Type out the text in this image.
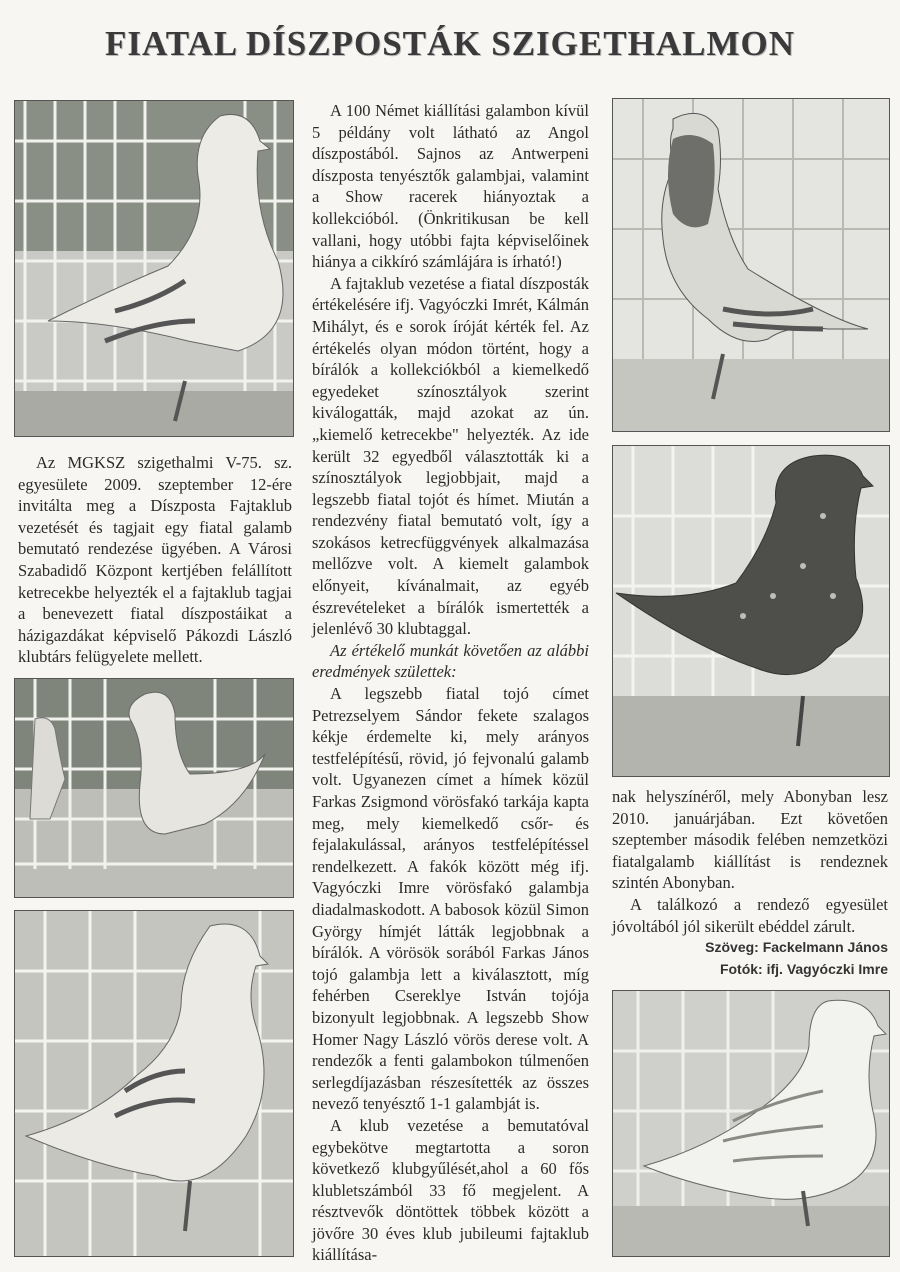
FIATAL DÍSZPOSTÁK SZIGETHALMON

Az MGKSZ szigethalmi V-75. sz. egyesülete 2009. szeptember 12-ére invitálta meg a Díszposta Fajtaklub vezetését és tagjait egy fiatal galamb bemutató rendezése ügyében. A Városi Szabadidő Központ kertjében felállított ketrecekbe helyezték el a fajtaklub tagjai a benevezett fiatal díszpostáikat a házigazdákat képviselő Pákozdi László klubtárs felügyelete mellett.

A 100 Német kiállítási galambon kívül 5 példány volt látható az Angol díszpostából. Sajnos az Antwerpeni díszposta tenyésztők galambjai, valamint a Show racerek hiányoztak a kollekcióból. (Önkritikusan be kell vallani, hogy utóbbi fajta képviselőinek hiánya a cikkíró számlájára is írható!)

A fajtaklub vezetése a fiatal díszposták értékelésére ifj. Vagyóczki Imrét, Kálmán Mihályt, és e sorok íróját kérték fel. Az értékelés olyan módon történt, hogy a bírálók a kollekciókból a kiemelkedő egyedeket színosztályok szerint kiválogatták, majd azokat az ún. „kiemelő ketrecekbe" helyezték. Az ide került 32 egyedből választották ki a színosztályok legjobbjait, majd a legszebb fiatal tojót és hímet. Miután a rendezvény fiatal bemutató volt, így a szokásos ketrecfüggvények alkalmazása mellőzve volt. A kiemelt galambok előnyeit, kívánalmait, az egyéb észrevételeket a bírálók ismertették a jelenlévő 30 klubtaggal.

Az értékelő munkát követően az alábbi eredmények születtek:

A legszebb fiatal tojó címet Petrezselyem Sándor fekete szalagos kékje érdemelte ki, mely arányos testfelépítésű, rövid, jó fejvonalú galamb volt. Ugyanezen címet a hímek közül Farkas Zsigmond vörösfakó tarkája kapta meg, mely kiemelkedő csőr- és fejalakulással, arányos testfelépítéssel rendelkezett. A fakók között még ifj. Vagyóczki Imre vörösfakó galambja diadalmaskodott. A babosok közül Simon György hímjét látták legjobbnak a bírálók. A vörösök sorából Farkas János tojó galambja lett a kiválasztott, míg fehérben Csereklye István tojója bizonyult legjobbnak. A legszebb Show Homer Nagy László vörös derese volt. A rendezők a fenti galambokon túlmenően serlegdíjazásban részesítették az összes nevező tenyésztő 1-1 galambját is.

A klub vezetése a bemutatóval egybekötve megtartotta a soron következő klubgyűlését,ahol a 60 fős klubletszámból 33 fő megjelent. A résztvevők döntöttek többek között a jövőre 30 éves klub jubileumi fajtaklub kiállítása-

nak helyszínéről, mely Abonyban lesz 2010. januárjában. Ezt követően szeptember második felében nemzetközi fiatalgalamb kiállítást is rendeznek szintén Abonyban.

A találkozó a rendező egyesület jóvoltából jól sikerült ebéddel zárult.

Szöveg: Fackelmann János
Fotók: ifj. Vagyóczki Imre
